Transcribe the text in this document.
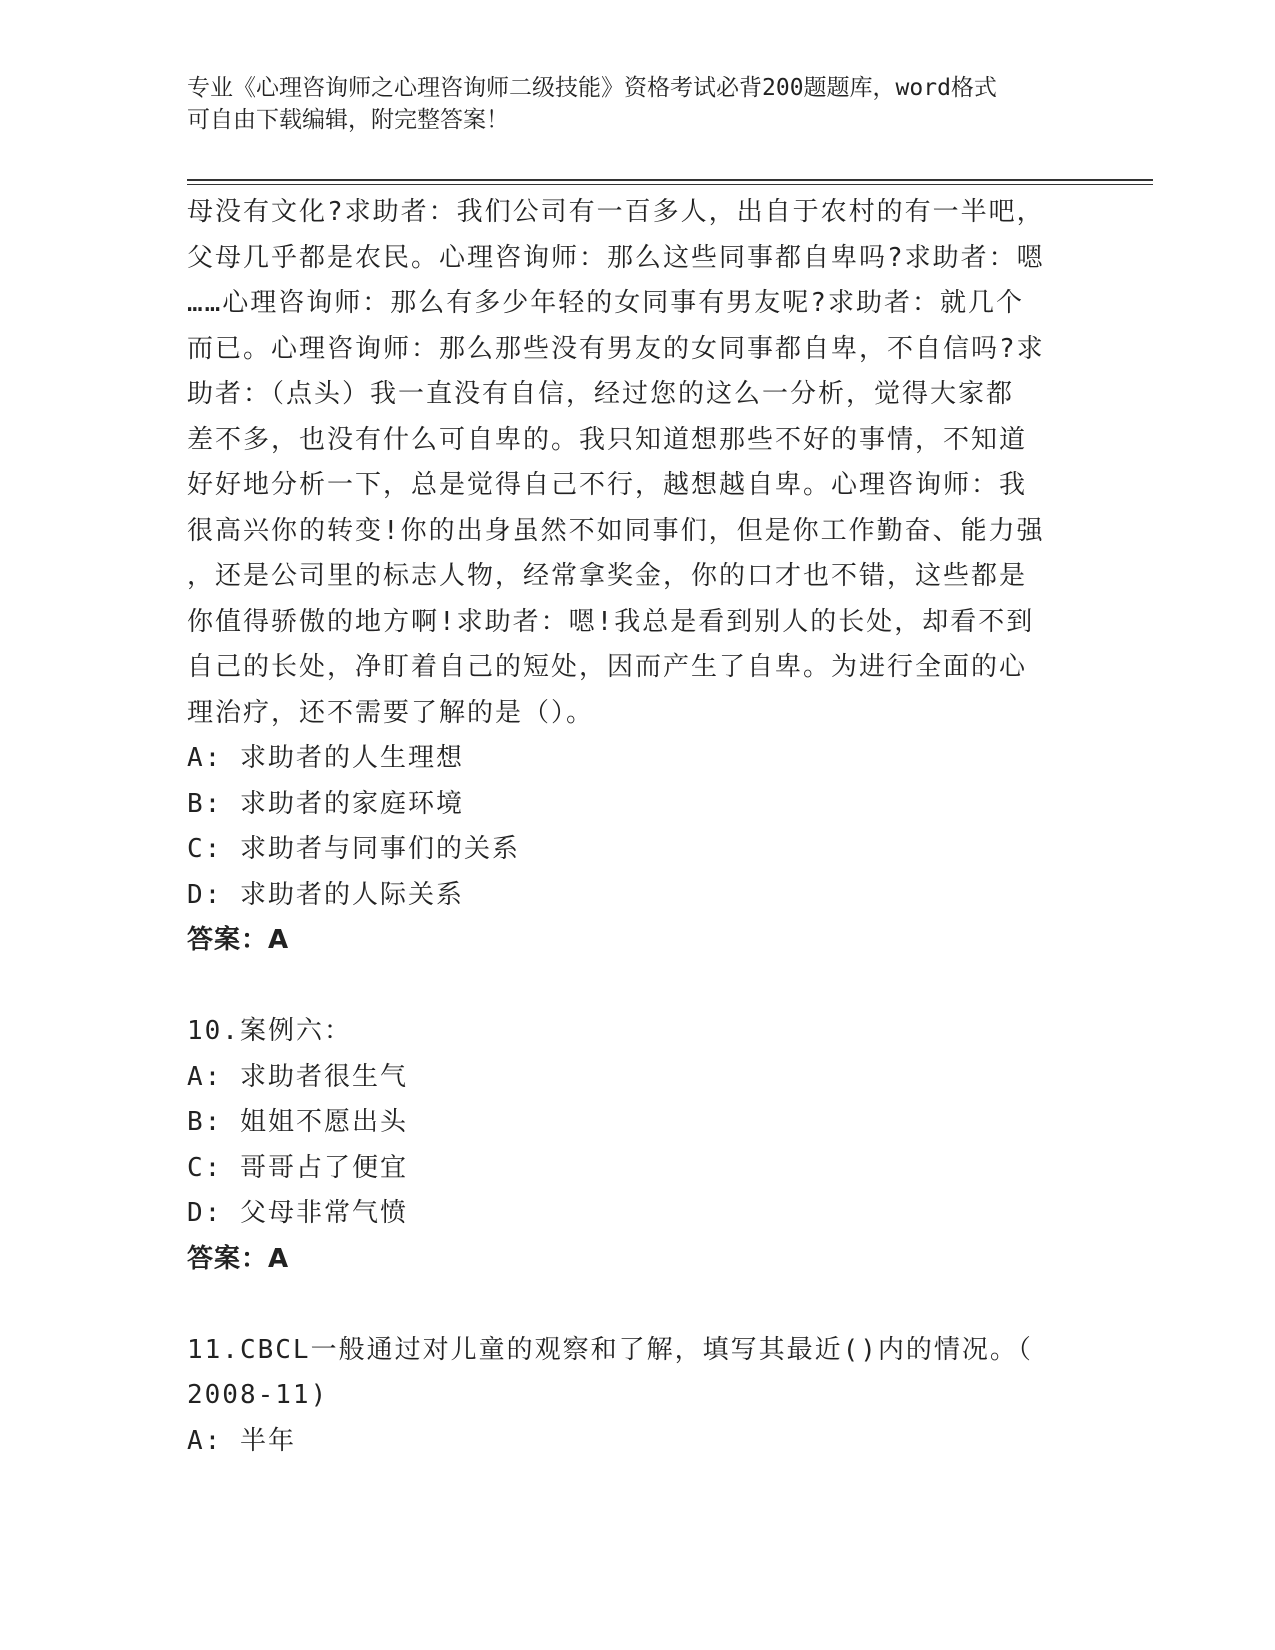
专业《心理咨询师之心理咨询师二级技能》资格考试必背200题题库，word格式
可自由下载编辑，附完整答案！
母没有文化?求助者：我们公司有一百多人，出自于农村的有一半吧，
父母几乎都是农民。心理咨询师：那么这些同事都自卑吗?求助者：嗯
……心理咨询师：那么有多少年轻的女同事有男友呢?求助者：就几个
而已。心理咨询师：那么那些没有男友的女同事都自卑，不自信吗?求
助者：（点头）我一直没有自信，经过您的这么一分析，觉得大家都
差不多，也没有什么可自卑的。我只知道想那些不好的事情，不知道
好好地分析一下，总是觉得自己不行，越想越自卑。心理咨询师：我
很高兴你的转变!你的出身虽然不如同事们，但是你工作勤奋、能力强
，还是公司里的标志人物，经常拿奖金，你的口才也不错，这些都是
你值得骄傲的地方啊!求助者：嗯!我总是看到别人的长处，却看不到
自己的长处，净盯着自己的短处，因而产生了自卑。为进行全面的心
理治疗，还不需要了解的是（）。
A: 求助者的人生理想
B: 求助者的家庭环境
C: 求助者与同事们的关系
D: 求助者的人际关系
答案：A
10.案例六：
A: 求助者很生气
B: 姐姐不愿出头
C: 哥哥占了便宜
D: 父母非常气愤
答案：A
11.CBCL一般通过对儿童的观察和了解，填写其最近()内的情况。（
2008-11)
A: 半年
